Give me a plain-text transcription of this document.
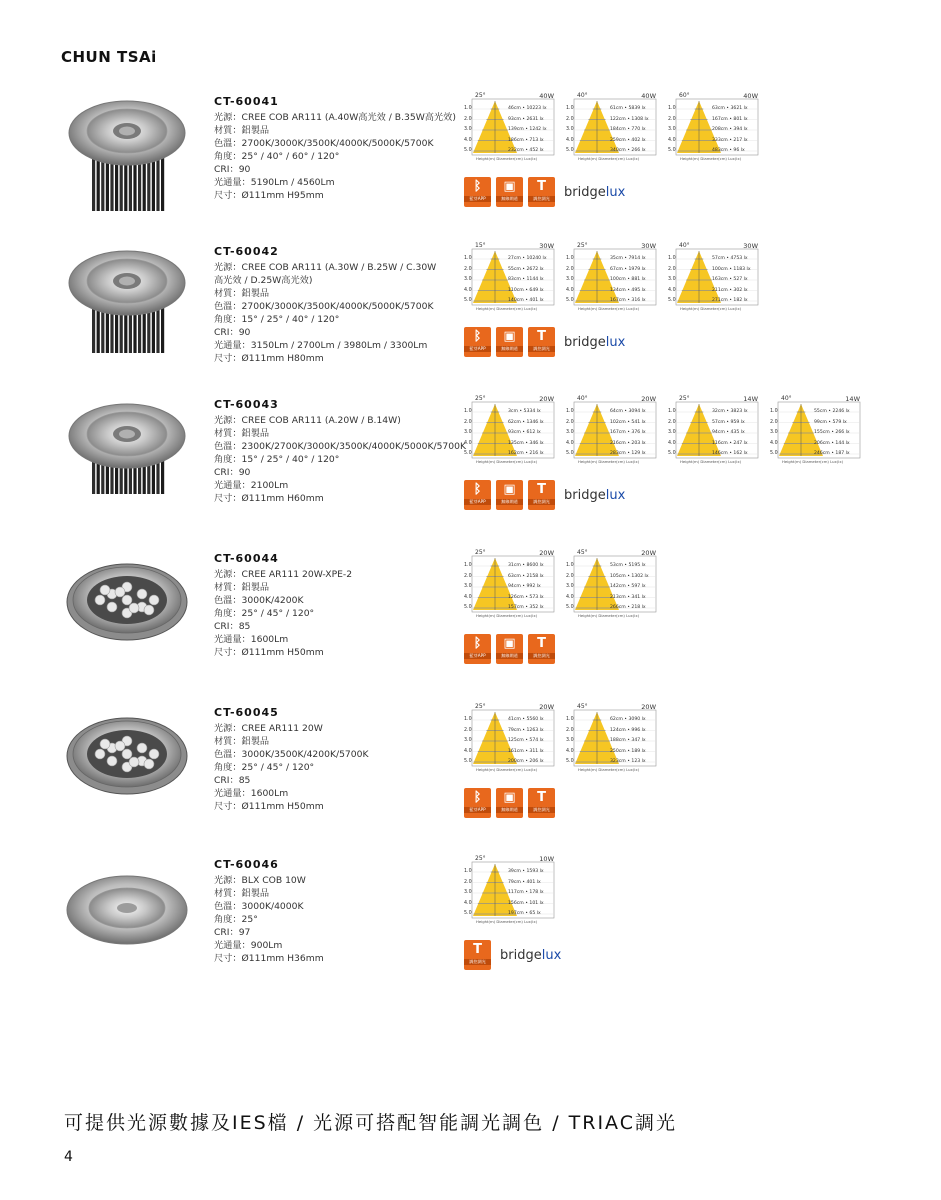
CHUN TSAi
CT-60041
光源：CREE COB AR111 (A.40W高光效 / B.35W高光效)
材質：鋁製品
色溫：2700K/3000K/3500K/4000K/5000K/5700K
角度：25° / 40° / 60° / 120°
CRI：90
光通量：5190Lm / 4560Lm
尺寸：Ø111mm H95mm
25°	40W
1.0	46cm • 10223 lx
2.0	93cm • 2631 lx
3.0	139cm • 1242 lx
4.0	186cm • 713 lx
5.0	232cm • 452 lx
Height(m) Diameter(cm) Lux(lx)
40°	40W
1.0	61cm • 5839 lx
2.0	122cm • 1308 lx
3.0	184cm • 770 lx
4.0	259cm • 402 lx
5.0	340cm • 266 lx
Height(m) Diameter(cm) Lux(lx)
60°	40W
1.0	63cm • 3621 lx
2.0	167cm • 801 lx
3.0	208cm • 394 lx
4.0	333cm • 217 lx
5.0	483cm • 96 lx
Height(m) Diameter(cm) Lux(lx)
ᛒ
藍芽APP
▣
無線閘道
T
調控調光	bridgelux
CT-60042
光源：CREE COB AR111 (A.30W / B.25W / C.30W
高光效 / D.25W高光效)
材質：鋁製品
色溫：2700K/3000K/3500K/4000K/5000K/5700K
角度：15° / 25° / 40° / 120°
CRI：90
光通量：3150Lm / 2700Lm / 3980Lm / 3300Lm
尺寸：Ø111mm H80mm
15°	30W
1.0	27cm • 10240 lx
2.0	55cm • 2672 lx
3.0	83cm • 1144 lx
4.0	110cm • 649 lx
5.0	140cm • 401 lx
Height(m) Diameter(cm) Lux(lx)
25°	30W
1.0	35cm • 7914 lx
2.0	67cm • 1979 lx
3.0	100cm • 881 lx
4.0	134cm • 495 lx
5.0	167cm • 316 lx
Height(m) Diameter(cm) Lux(lx)
40°	30W
1.0	57cm • 4753 lx
2.0	100cm • 1183 lx
3.0	163cm • 527 lx
4.0	211cm • 302 lx
5.0	271cm • 182 lx
Height(m) Diameter(cm) Lux(lx)
ᛒ
藍芽APP
▣
無線閘道
T
調控調光	bridgelux
CT-60043
光源：CREE COB AR111 (A.20W / B.14W)
材質：鋁製品
色溫：2300K/2700K/3000K/3500K/4000K/5000K/5700K
角度：15° / 25° / 40° / 120°
CRI：90
光通量：2100Lm
尺寸：Ø111mm H60mm
25°	20W
1.0	3cm • 5334 lx
2.0	62cm • 1346 lx
3.0	93cm • 612 lx
4.0	135cm • 346 lx
5.0	162cm • 216 lx
Height(m) Diameter(cm) Lux(lx)
40°	20W
1.0	64cm • 3094 lx
2.0	102cm • 541 lx
3.0	167cm • 376 lx
4.0	216cm • 203 lx
5.0	283cm • 129 lx
Height(m) Diameter(cm) Lux(lx)
25°	14W
1.0	32cm • 3823 lx
2.0	57cm • 959 lx
3.0	94cm • 435 lx
4.0	116cm • 247 lx
5.0	146cm • 162 lx
Height(m) Diameter(cm) Lux(lx)
40°	14W
1.0	55cm • 2246 lx
2.0	99cm • 579 lx
3.0	155cm • 266 lx
4.0	206cm • 144 lx
5.0	246cm • 187 lx
Height(m) Diameter(cm) Lux(lx)
ᛒ
藍芽APP
▣
無線閘道
T
調控調光	bridgelux
CT-60044
光源：CREE AR111 20W-XPE-2
材質：鋁製品
色溫：3000K/4200K
角度：25° / 45° / 120°
CRI：85
光通量：1600Lm
尺寸：Ø111mm H50mm
25°	20W
1.0	31cm • 8600 lx
2.0	63cm • 2158 lx
3.0	94cm • 992 lx
4.0	126cm • 573 lx
5.0	157cm • 352 lx
Height(m) Diameter(cm) Lux(lx)
45°	20W
1.0	53cm • 5195 lx
2.0	105cm • 1302 lx
3.0	142cm • 597 lx
4.0	213cm • 341 lx
5.0	266cm • 218 lx
Height(m) Diameter(cm) Lux(lx)
ᛒ
藍芽APP
▣
無線閘道
T
調控調光
CT-60045
光源：CREE AR111 20W
材質：鋁製品
色溫：3000K/3500K/4200K/5700K
角度：25° / 45° / 120°
CRI：85
光通量：1600Lm
尺寸：Ø111mm H50mm
25°	20W
1.0	41cm • 5560 lx
2.0	79cm • 1263 lx
3.0	125cm • 574 lx
4.0	161cm • 311 lx
5.0	200cm • 206 lx
Height(m) Diameter(cm) Lux(lx)
45°	20W
1.0	62cm • 3090 lx
2.0	124cm • 996 lx
3.0	188cm • 347 lx
4.0	250cm • 189 lx
5.0	323cm • 123 lx
Height(m) Diameter(cm) Lux(lx)
ᛒ
藍芽APP
▣
無線閘道
T
調控調光
CT-60046
光源：BLX COB 10W
材質：鋁製品
色溫：3000K/4000K
角度：25°
CRI：97
光通量：900Lm
尺寸：Ø111mm H36mm
25°	10W
1.0	39cm • 1593 lx
2.0	79cm • 401 lx
3.0	117cm • 178 lx
4.0	156cm • 101 lx
5.0	197cm • 65 lx
Height(m) Diameter(cm) Lux(lx)
T
調控調光	bridgelux
可提供光源數據及IES檔 / 光源可搭配智能調光調色 / TRIAC調光
4
